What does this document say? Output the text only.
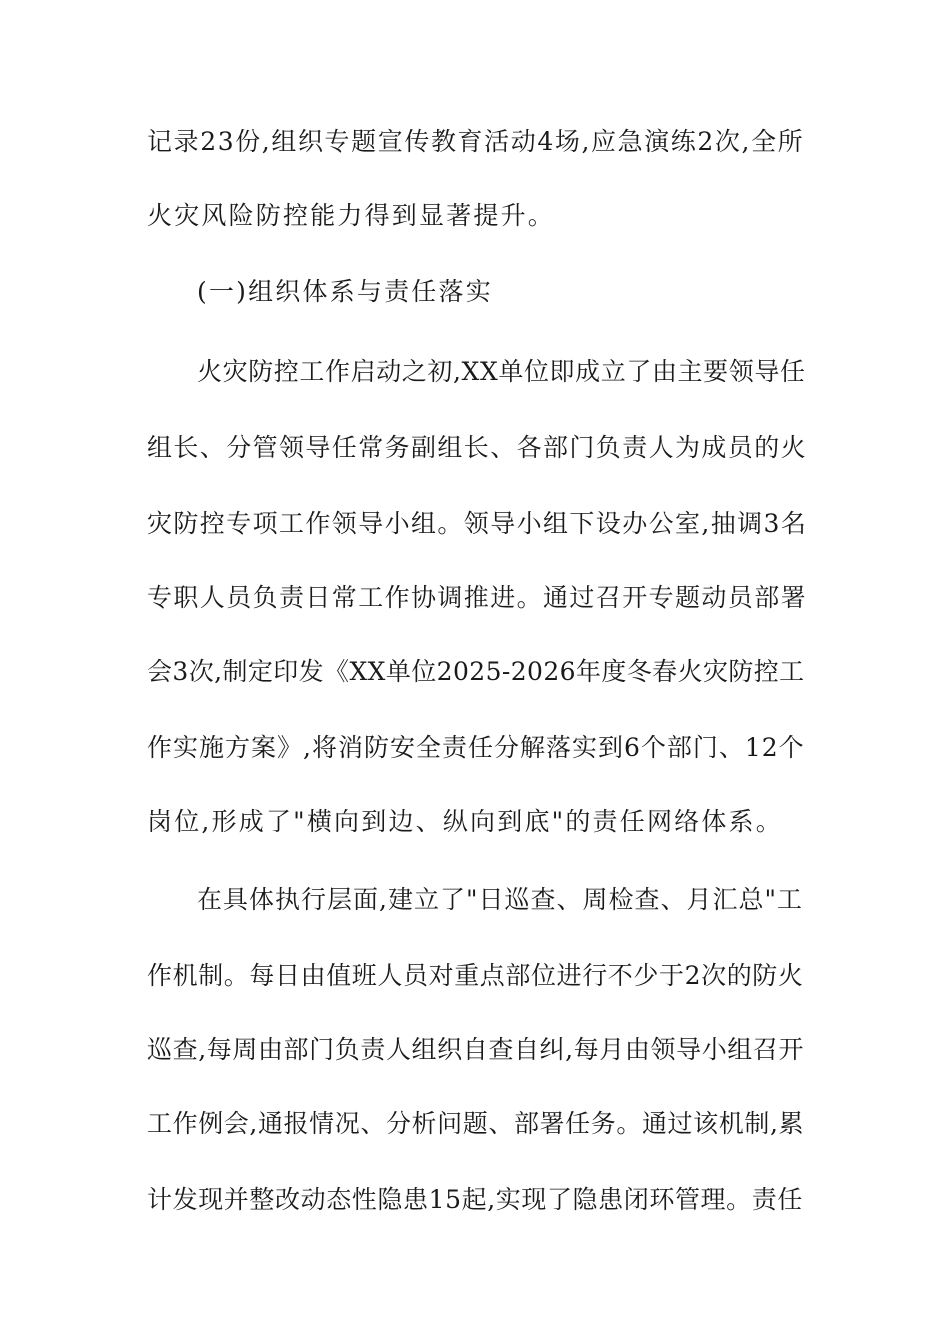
记录23份,组织专题宣传教育活动4场,应急演练2次,全所
火灾风险防控能力得到显著提升。
(一)组织体系与责任落实
火灾防控工作启动之初,XX单位即成立了由主要领导任
组长、分管领导任常务副组长、各部门负责人为成员的火
灾防控专项工作领导小组。领导小组下设办公室,抽调3名
专职人员负责日常工作协调推进。通过召开专题动员部署
会3次,制定印发《XX单位2025-2026年度冬春火灾防控工
作实施方案》,将消防安全责任分解落实到6个部门、12个
岗位,形成了"横向到边、纵向到底"的责任网络体系。
在具体执行层面,建立了"日巡查、周检查、月汇总"工
作机制。每日由值班人员对重点部位进行不少于2次的防火
巡查,每周由部门负责人组织自查自纠,每月由领导小组召开
工作例会,通报情况、分析问题、部署任务。通过该机制,累
计发现并整改动态性隐患15起,实现了隐患闭环管理。责任
